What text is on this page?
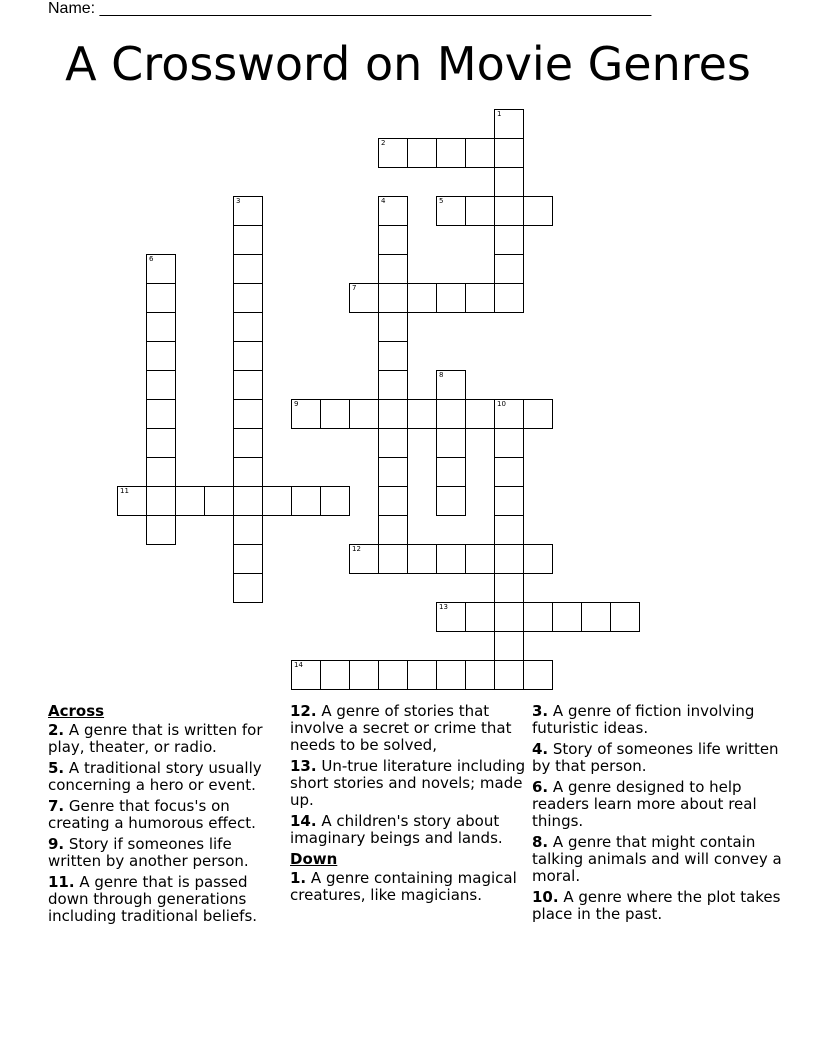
Name: ______________________________________________________________
A Crossword on Movie Genres
1
2
3	4	5
6
7
8
9	10
11
12
13
14
Across
2. A genre that is written for play, theater, or radio.
5. A traditional story usually concerning a hero or event.
7. Genre that focus's on creating a humorous effect.
9. Story if someones life written by another person.
11. A genre that is passed down through generations including traditional beliefs.
12. A genre of stories that involve a secret or crime that needs to be solved,
13. Un-true literature including short stories and novels; made up.
14. A children's story about imaginary beings and lands.
Down
1. A genre containing magical creatures, like magicians.
3. A genre of fiction involving futuristic ideas.
4. Story of someones life written by that person.
6. A genre designed to help readers learn more about real things.
8. A genre that might contain talking animals and will convey a moral.
10. A genre where the plot takes place in the past.
